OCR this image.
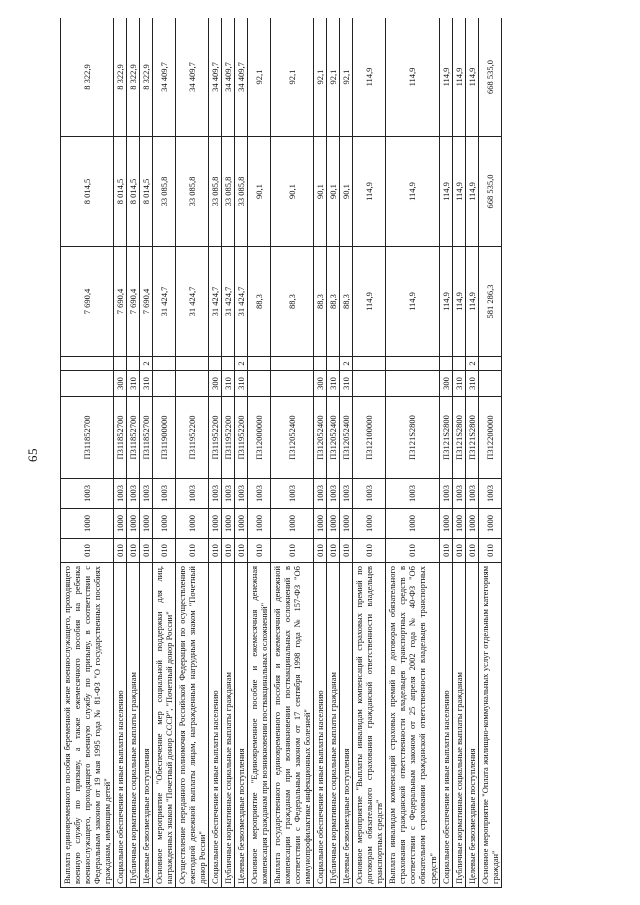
65
Выплата единовременного пособия беременной жене военнослужащего, проходящего военную службу по призыву, а также ежемесячного пособия на ребенка военнослужащего, проходящего военную службу по призыву, в соответствии с Федеральным законом от 19 мая 1995 года № 81-ФЗ "О государственных пособиях гражданам, имеющим детей"	010	1000	1003	П311852700			7 690,4	8 014,5	8 322,9
Социальное обеспечение и иные выплаты населению	010	1000	1003	П311852700	300		7 690,4	8 014,5	8 322,9
Публичные нормативные социальные выплаты гражданам	010	1000	1003	П311852700	310		7 690,4	8 014,5	8 322,9
Целевые безвозмездные поступления	010	1000	1003	П311852700	310	2	7 690,4	8 014,5	8 322,9
Основное мероприятие "Обеспечение мер социальной поддержки для лиц, награжденных знаком "Почетный донор СССР", "Почетный донор России"	010	1000	1003	П311900000			31 424,7	33 085,8	34 409,7
Осуществление переданного полномочия Российской Федерации по осуществлению ежегодной денежной выплаты лицам, награжденным нагрудным знаком "Почетный донор России"	010	1000	1003	П311952200			31 424,7	33 085,8	34 409,7
Социальное обеспечение и иные выплаты населению	010	1000	1003	П311952200	300		31 424,7	33 085,8	34 409,7
Публичные нормативные социальные выплаты гражданам	010	1000	1003	П311952200	310		31 424,7	33 085,8	34 409,7
Целевые безвозмездные поступления	010	1000	1003	П311952200	310	2	31 424,7	33 085,8	34 409,7
Основное мероприятие "Единовременное пособие и ежемесячная денежная компенсация гражданам при возникновении поствакцинальных осложнений"	010	1000	1003	П312000000			88,3	90,1	92,1
Выплата государственного единовременного пособия и ежемесячной денежной компенсации гражданам при возникновении поствакцинальных осложнений в соответствии с Федеральным законом от 17 сентября 1998 года № 157-ФЗ "Об иммунопрофилактике инфекционных болезней"	010	1000	1003	П312052400			88,3	90,1	92,1
Социальное обеспечение и иные выплаты населению	010	1000	1003	П312052400	300		88,3	90,1	92,1
Публичные нормативные социальные выплаты гражданам	010	1000	1003	П312052400	310		88,3	90,1	92,1
Целевые безвозмездные поступления	010	1000	1003	П312052400	310	2	88,3	90,1	92,1
Основное мероприятие "Выплаты инвалидам компенсаций страховых премий по договорам обязательного страхования гражданской ответственности владельцев транспортных средств"	010	1000	1003	П312100000			114,9	114,9	114,9
Выплата инвалидам компенсаций страховых премий по договорам обязательного страхования гражданской ответственности владельцев транспортных средств в соответствии с Федеральным законом от 25 апреля 2002 года № 40-ФЗ "Об обязательном страховании гражданской ответственности владельцев транспортных средств"	010	1000	1003	П3121S2800			114,9	114,9	114,9
Социальное обеспечение и иные выплаты населению	010	1000	1003	П3121S2800	300		114,9	114,9	114,9
Публичные нормативные социальные выплаты гражданам	010	1000	1003	П3121S2800	310		114,9	114,9	114,9
Целевые безвозмездные поступления	010	1000	1003	П3121S2800	310	2	114,9	114,9	114,9
Основное мероприятие "Оплата жилищно-коммунальных услуг отдельным категориям граждан"	010	1000	1003	П312200000			581 286,3	668 535,0	668 535,0
